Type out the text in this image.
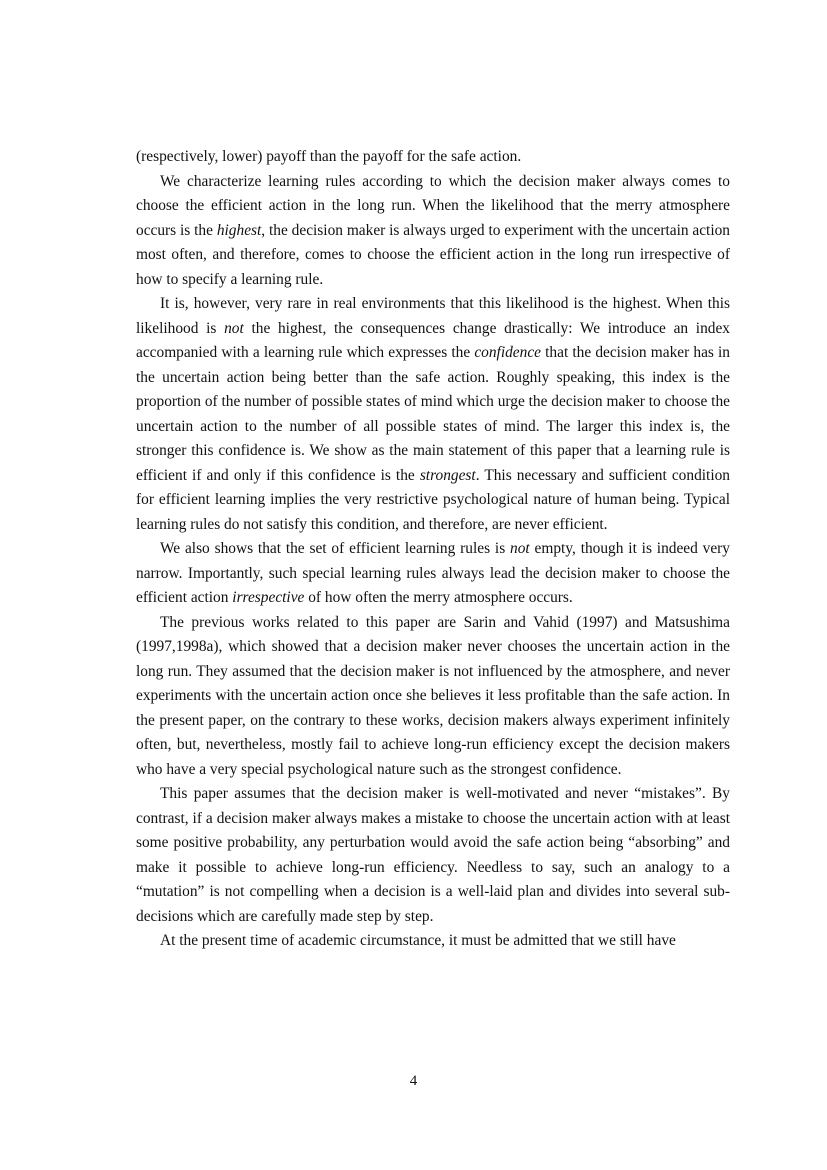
(respectively, lower) payoff than the payoff for the safe action.

We characterize learning rules according to which the decision maker always comes to choose the efficient action in the long run. When the likelihood that the merry atmosphere occurs is the highest, the decision maker is always urged to experiment with the uncertain action most often, and therefore, comes to choose the efficient action in the long run irrespective of how to specify a learning rule.

It is, however, very rare in real environments that this likelihood is the highest. When this likelihood is not the highest, the consequences change drastically: We introduce an index accompanied with a learning rule which expresses the confidence that the decision maker has in the uncertain action being better than the safe action. Roughly speaking, this index is the proportion of the number of possible states of mind which urge the decision maker to choose the uncertain action to the number of all possible states of mind. The larger this index is, the stronger this confidence is. We show as the main statement of this paper that a learning rule is efficient if and only if this confidence is the strongest. This necessary and sufficient condition for efficient learning implies the very restrictive psychological nature of human being. Typical learning rules do not satisfy this condition, and therefore, are never efficient.

We also shows that the set of efficient learning rules is not empty, though it is indeed very narrow. Importantly, such special learning rules always lead the decision maker to choose the efficient action irrespective of how often the merry atmosphere occurs.

The previous works related to this paper are Sarin and Vahid (1997) and Matsushima (1997,1998a), which showed that a decision maker never chooses the uncertain action in the long run. They assumed that the decision maker is not influenced by the atmosphere, and never experiments with the uncertain action once she believes it less profitable than the safe action. In the present paper, on the contrary to these works, decision makers always experiment infinitely often, but, nevertheless, mostly fail to achieve long-run efficiency except the decision makers who have a very special psychological nature such as the strongest confidence.

This paper assumes that the decision maker is well-motivated and never “mistakes”. By contrast, if a decision maker always makes a mistake to choose the uncertain action with at least some positive probability, any perturbation would avoid the safe action being “absorbing” and make it possible to achieve long-run efficiency. Needless to say, such an analogy to a “mutation” is not compelling when a decision is a well-laid plan and divides into several sub-decisions which are carefully made step by step.

At the present time of academic circumstance, it must be admitted that we still have

4
